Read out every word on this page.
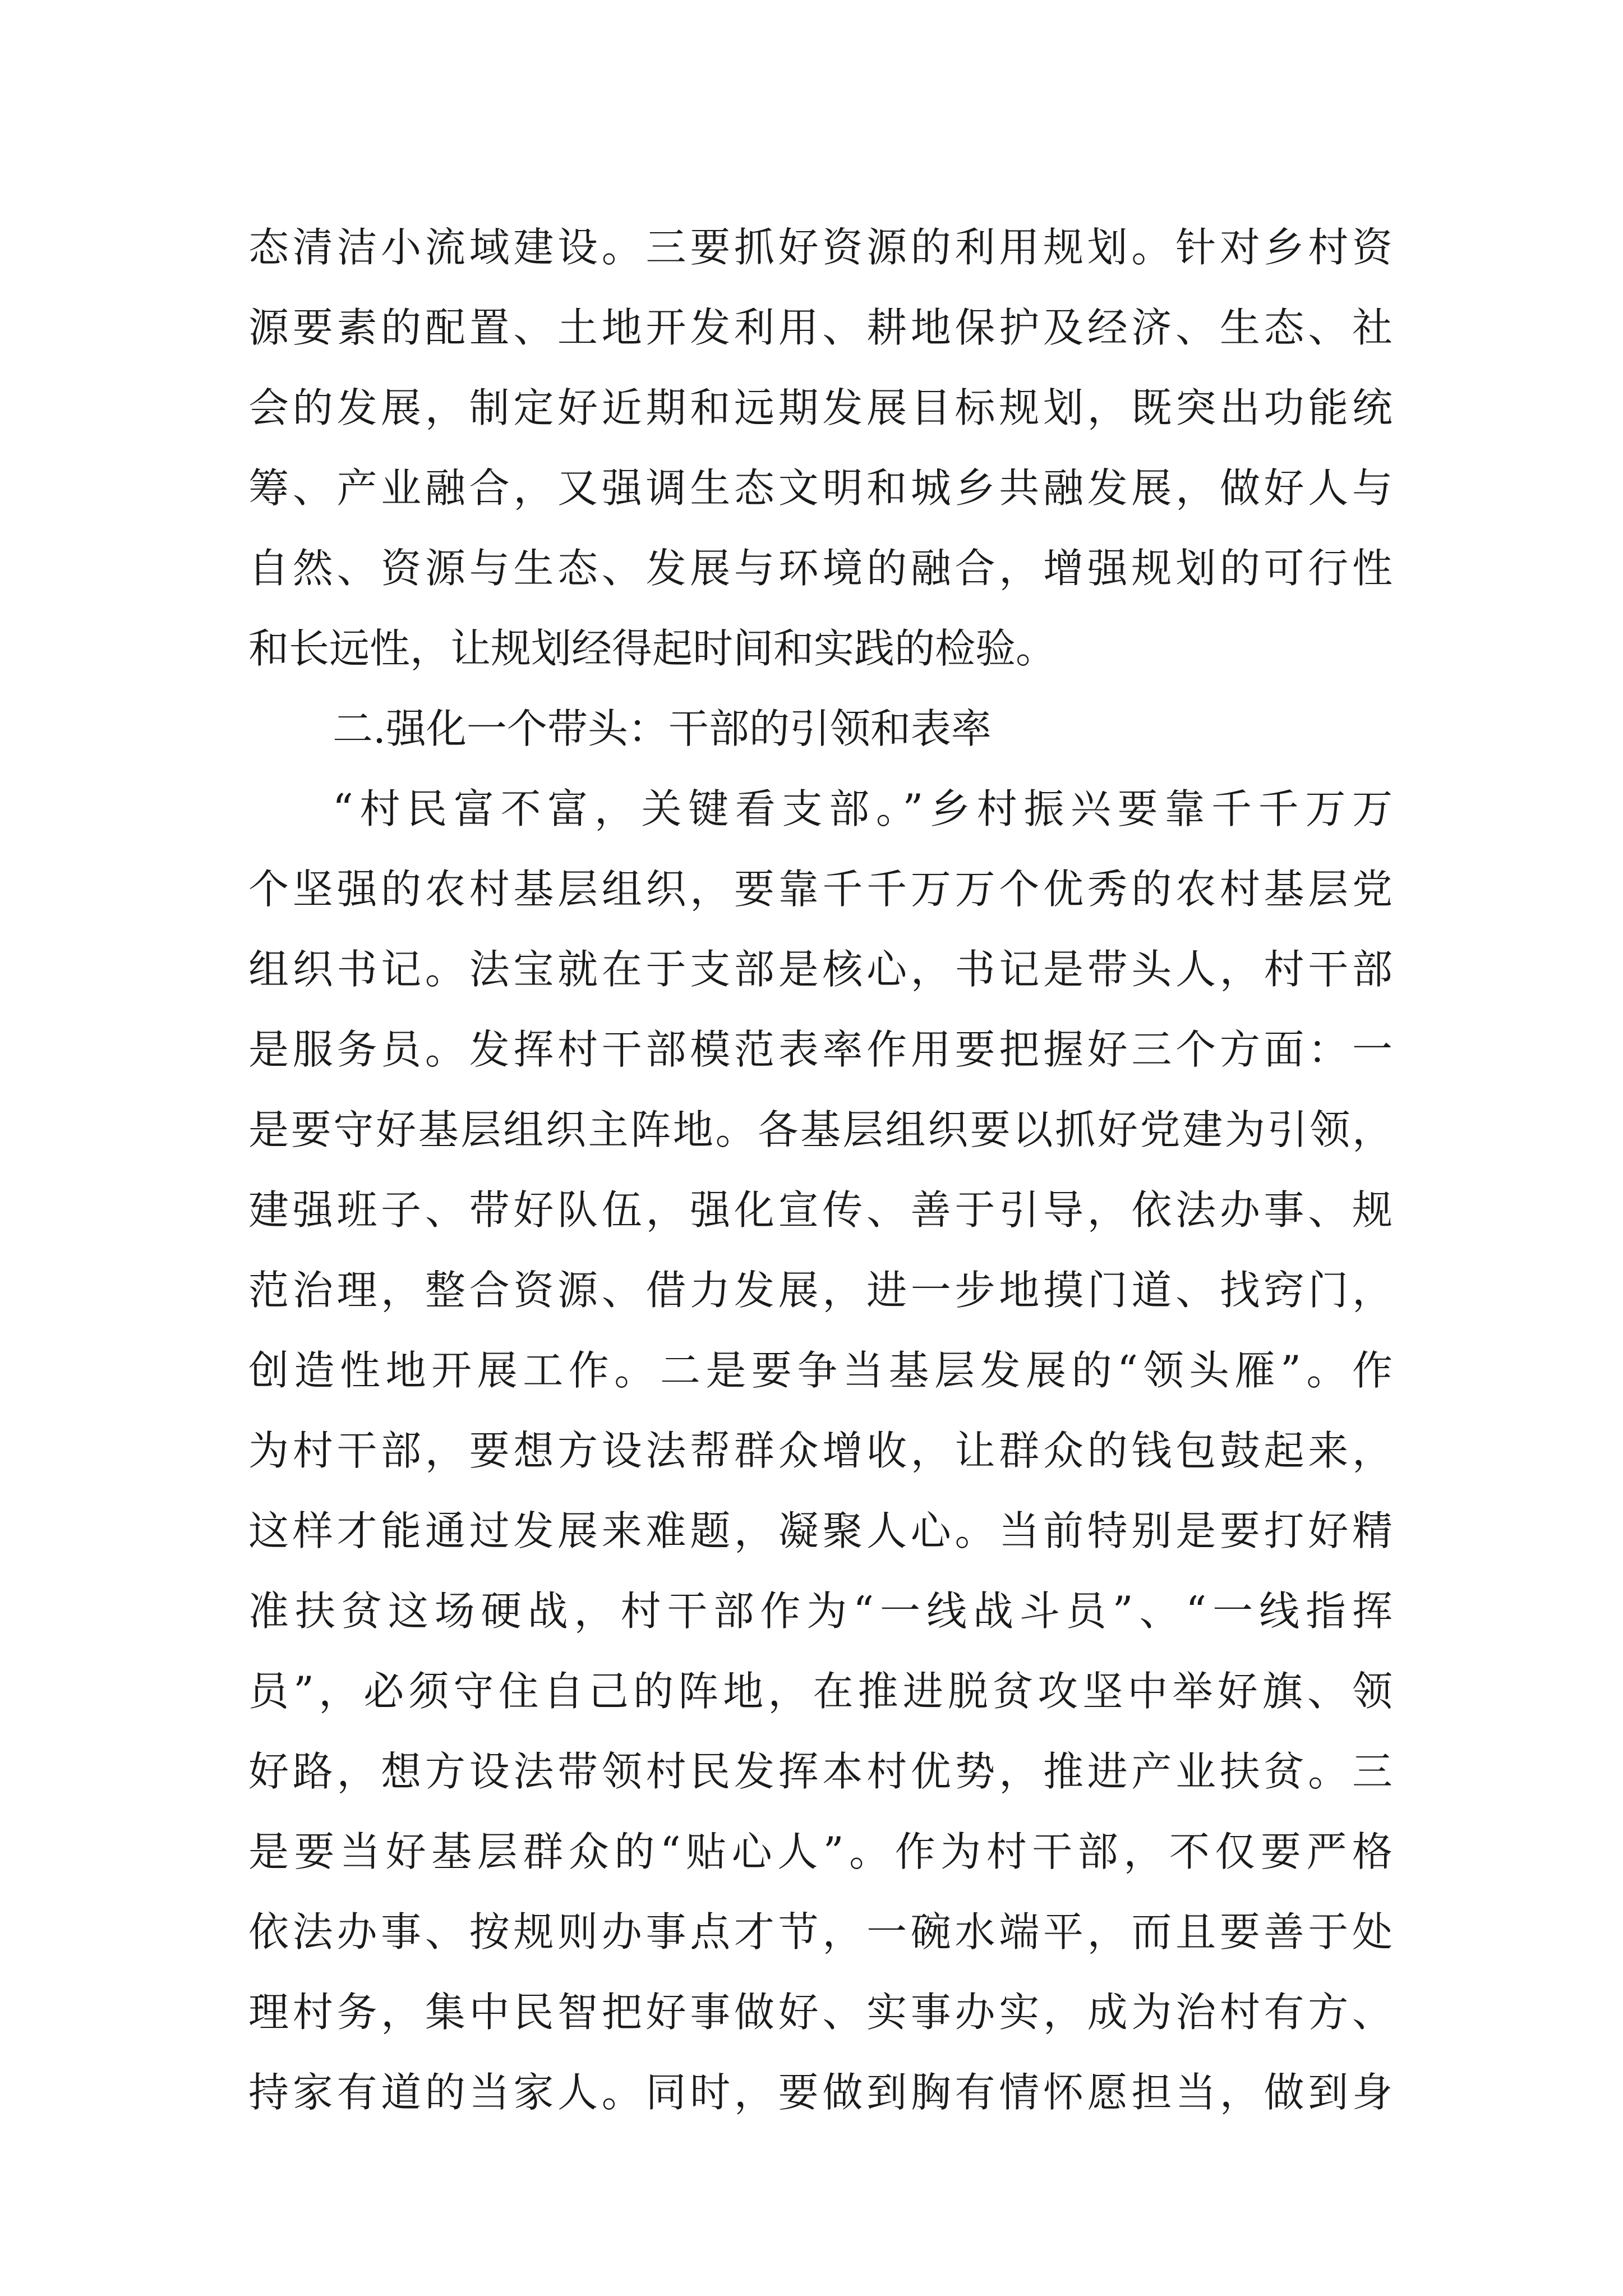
态清洁小流域建设。三要抓好资源的利用规划。针对乡村资
源要素的配置、土地开发利用、耕地保护及经济、生态、社
会的发展，制定好近期和远期发展目标规划，既突出功能统
筹、产业融合，又强调生态文明和城乡共融发展，做好人与
自然、资源与生态、发展与环境的融合，增强规划的可行性
和长远性，让规划经得起时间和实践的检验。
二.强化一个带头：干部的引领和表率
“村民富不富，关键看支部。”乡村振兴要靠千千万万
个坚强的农村基层组织，要靠千千万万个优秀的农村基层党
组织书记。法宝就在于支部是核心，书记是带头人，村干部
是服务员。发挥村干部模范表率作用要把握好三个方面：一
是要守好基层组织主阵地。各基层组织要以抓好党建为引领，
建强班子、带好队伍，强化宣传、善于引导，依法办事、规
范治理，整合资源、借力发展，进一步地摸门道、找窍门，
创造性地开展工作。二是要争当基层发展的“领头雁”。作
为村干部，要想方设法帮群众增收，让群众的钱包鼓起来，
这样才能通过发展来难题，凝聚人心。当前特别是要打好精
准扶贫这场硬战，村干部作为“一线战斗员”、“一线指挥
员”，必须守住自己的阵地，在推进脱贫攻坚中举好旗、领
好路，想方设法带领村民发挥本村优势，推进产业扶贫。三
是要当好基层群众的“贴心人”。作为村干部，不仅要严格
依法办事、按规则办事点才节，一碗水端平，而且要善于处
理村务，集中民智把好事做好、实事办实，成为治村有方、
持家有道的当家人。同时，要做到胸有情怀愿担当，做到身
